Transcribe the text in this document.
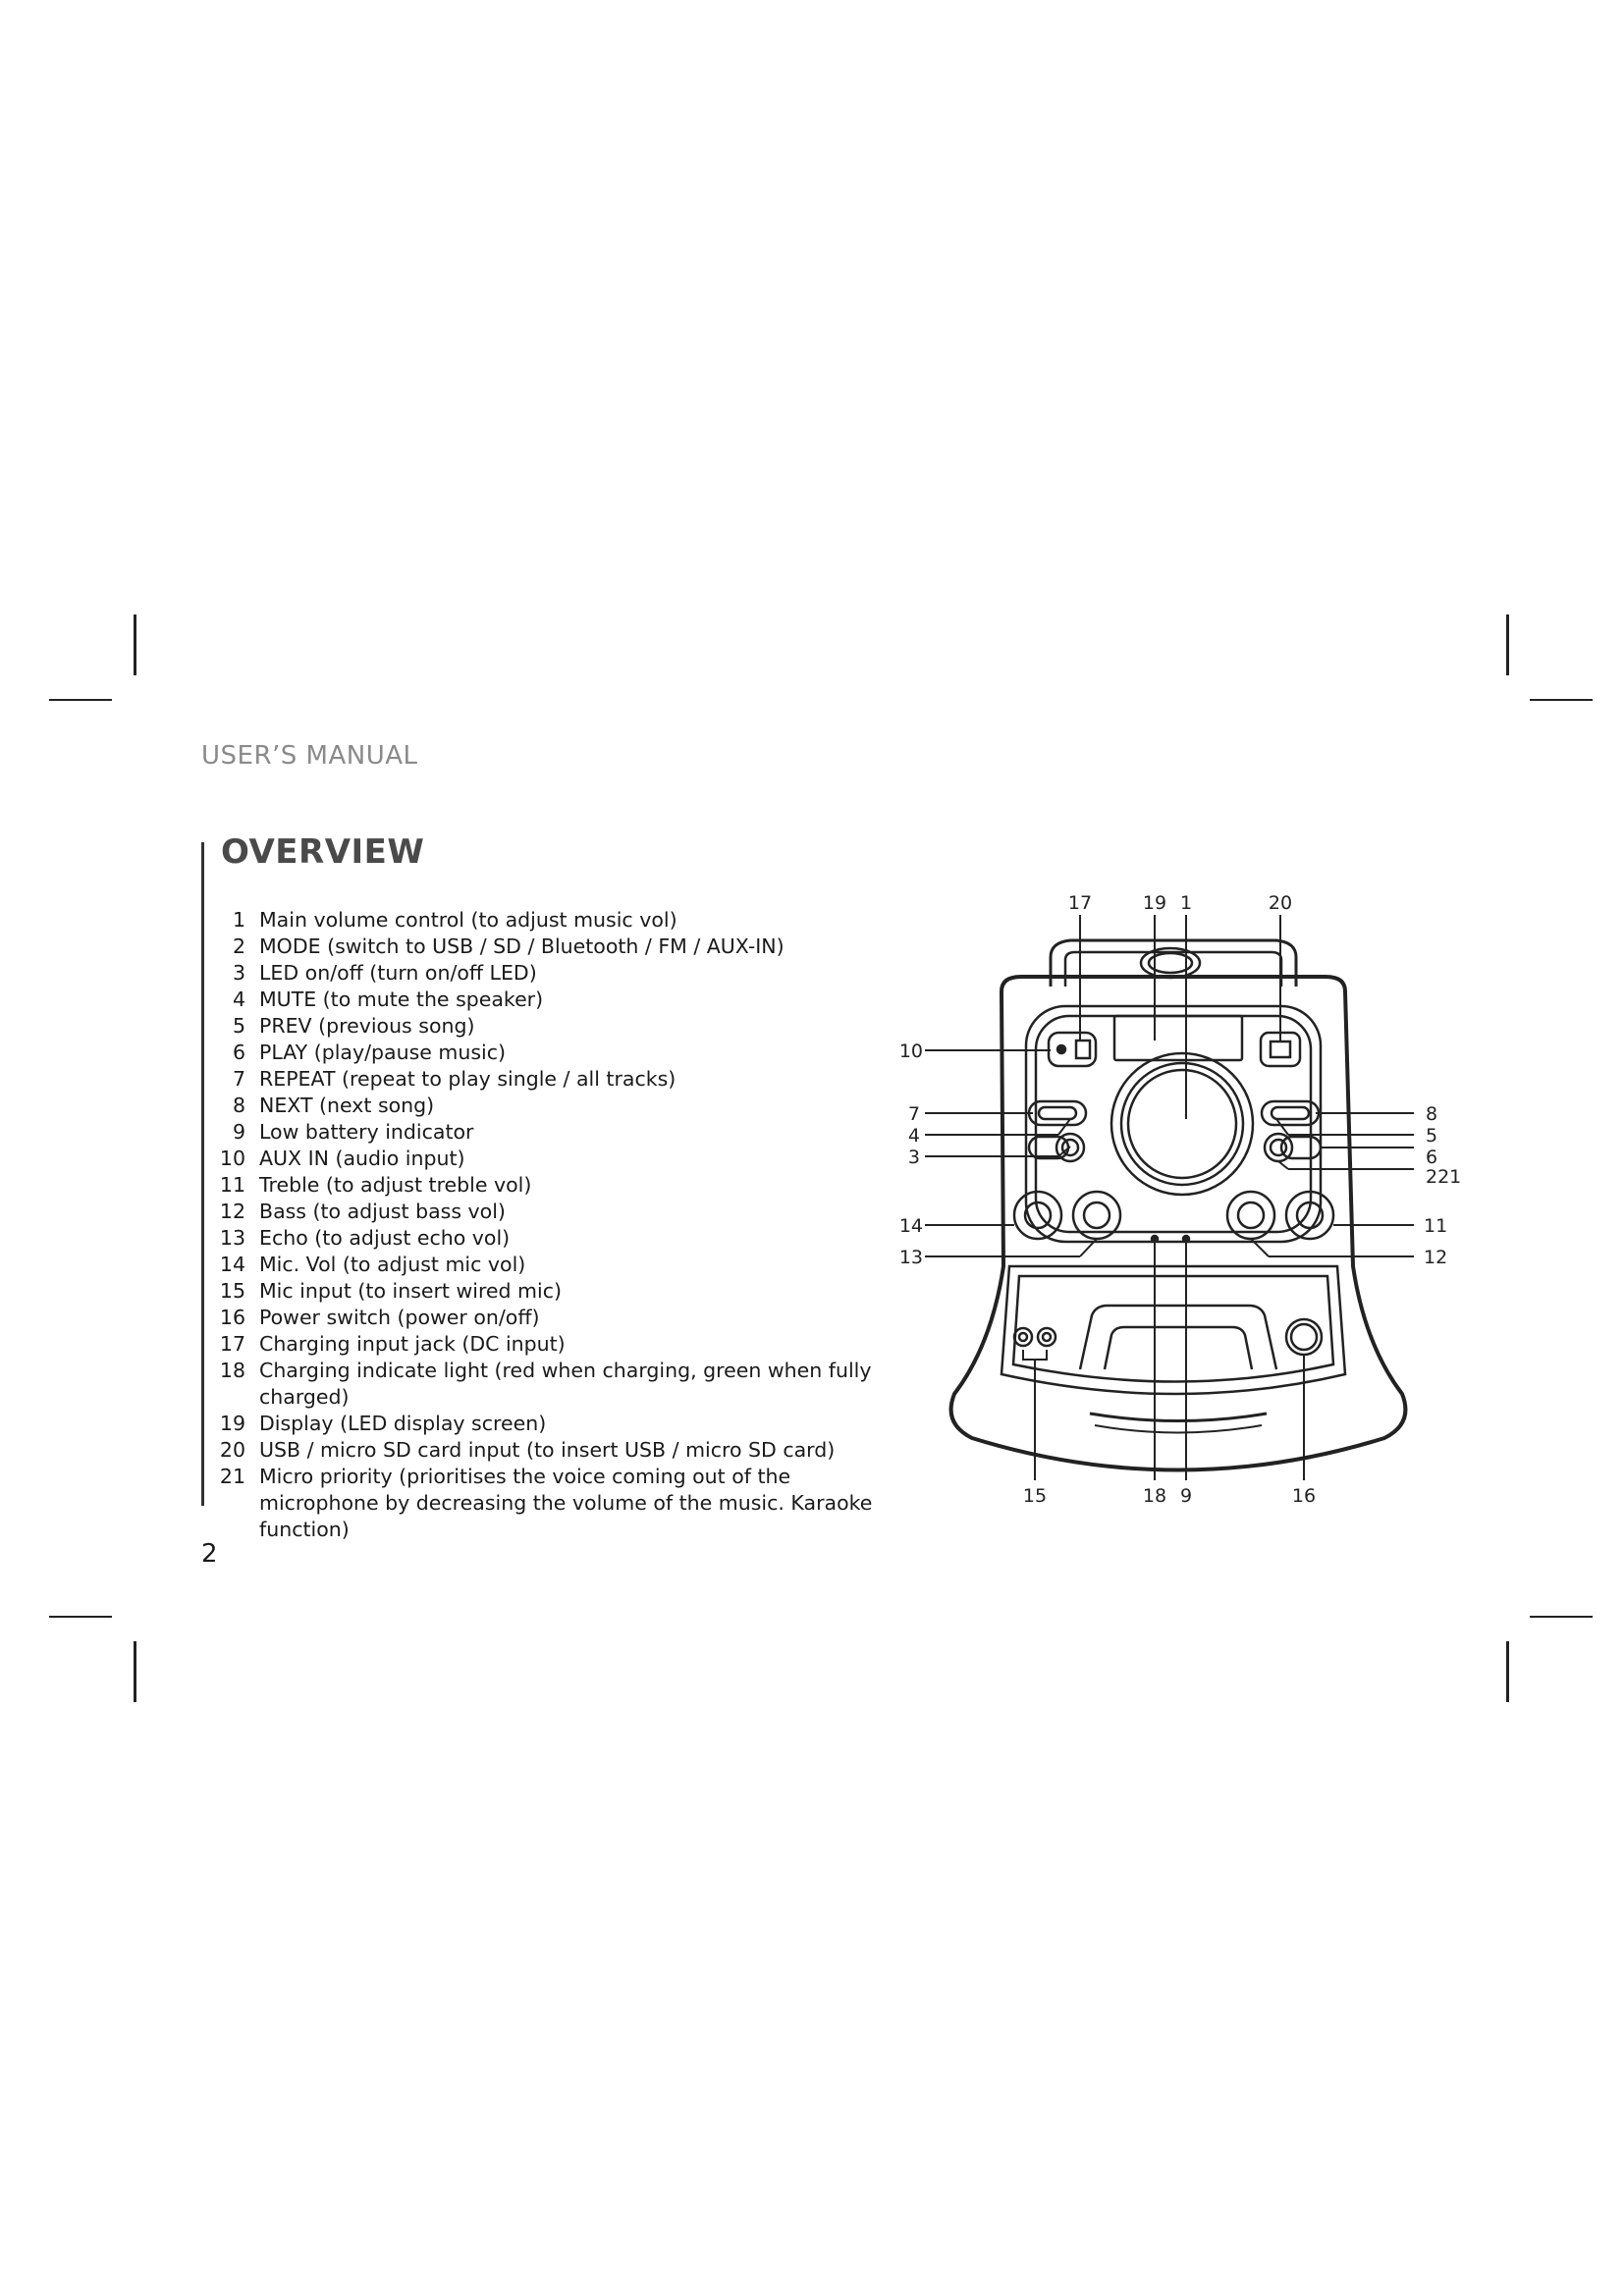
USER’S MANUAL
OVERVIEW
1 Main volume control (to adjust music vol)
2 MODE (switch to USB / SD / Bluetooth / FM / AUX-IN)
3 LED on/off (turn on/off LED)
4 MUTE (to mute the speaker)
5 PREV (previous song)
6 PLAY (play/pause music)
7 REPEAT (repeat to play single / all tracks)
8 NEXT (next song)
9 Low battery indicator
10 AUX IN (audio input)
11 Treble (to adjust treble vol)
12 Bass (to adjust bass vol)
13 Echo (to adjust echo vol)
14 Mic. Vol (to adjust mic vol)
15 Mic input (to insert wired mic)
16 Power switch (power on/off)
17 Charging input jack (DC input)
18 Charging indicate light (red when charging, green when fully charged)
19 Display (LED display screen)
20 USB / micro SD card input (to insert USB / micro SD card)
21 Micro priority (prioritises the voice coming out of the microphone by decreasing the volume of the music. Karaoke function)
2
17	19 1	20
10
7
4
3
14
13
8
5
6
221
11
12
15	18 9	16
